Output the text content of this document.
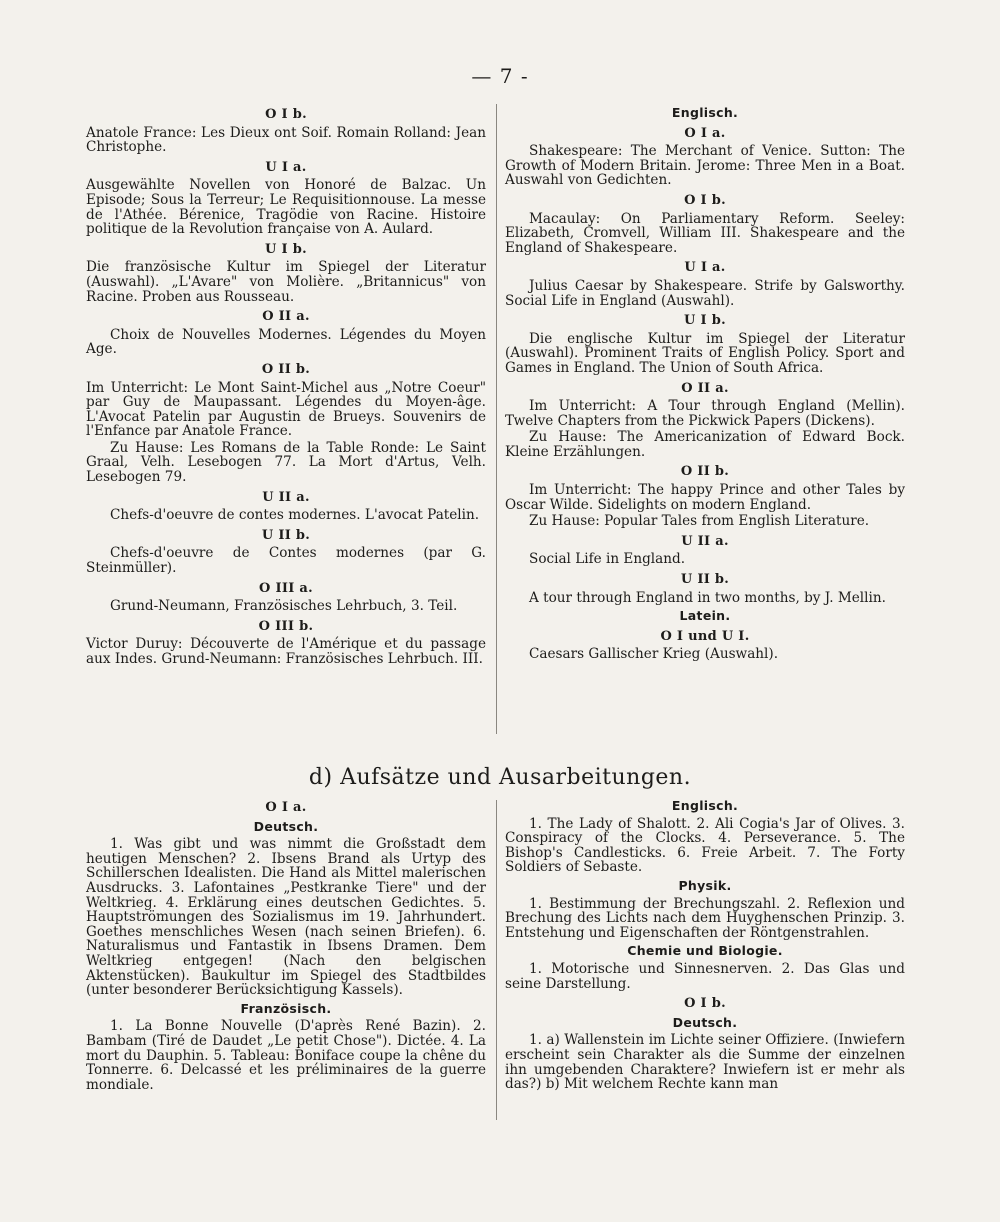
— 7 -
O I b.

Anatole France: Les Dieux ont Soif. Romain Rolland: Jean Christophe.

U I a.

Ausgewählte Novellen von Honoré de Balzac. Un Episode; Sous la Terreur; Le Requisitionnouse. La messe de l'Athée. Bérenice, Tragödie von Racine. Histoire politique de la Revolution française von A. Aulard.

U I b.

Die französische Kultur im Spiegel der Literatur (Auswahl). „L'Avare" von Molière. „Britannicus" von Racine. Proben aus Rousseau.

O II a.

Choix de Nouvelles Modernes. Légendes du Moyen Age.

O II b.

Im Unterricht: Le Mont Saint-Michel aus „Notre Coeur" par Guy de Maupassant. Légendes du Moyen-âge. L'Avocat Patelin par Augustin de Brueys. Souvenirs de l'Enfance par Anatole France.

Zu Hause: Les Romans de la Table Ronde: Le Saint Graal, Velh. Lesebogen 77. La Mort d'Artus, Velh. Lesebogen 79.

U II a.

Chefs-d'oeuvre de contes modernes. L'avocat Patelin.

U II b.

Chefs-d'oeuvre de Contes modernes (par G. Steinmüller).

O III a.

Grund-Neumann, Französisches Lehrbuch, 3. Teil.

O III b.

Victor Duruy: Découverte de l'Amérique et du passage aux Indes. Grund-Neumann: Französisches Lehrbuch. III.

Englisch.
O I a.

Shakespeare: The Merchant of Venice. Sutton: The Growth of Modern Britain. Jerome: Three Men in a Boat. Auswahl von Gedichten.

O I b.

Macaulay: On Parliamentary Reform. Seeley: Elizabeth, Cromvell, William III. Shakespeare and the England of Shakespeare.

U I a.

Julius Caesar by Shakespeare. Strife by Galsworthy. Social Life in England (Auswahl).

U I b.

Die englische Kultur im Spiegel der Literatur (Auswahl). Prominent Traits of English Policy. Sport and Games in England. The Union of South Africa.

O II a.

Im Unterricht: A Tour through England (Mellin). Twelve Chapters from the Pickwick Papers (Dickens).

Zu Hause: The Americanization of Edward Bock. Kleine Erzählungen.

O II b.

Im Unterricht: The happy Prince and other Tales by Oscar Wilde. Sidelights on modern England.

Zu Hause: Popular Tales from English Literature.

U II a.

Social Life in England.

U II b.

A tour through England in two months, by J. Mellin.

Latein.
O I und U I.

Caesars Gallischer Krieg (Auswahl).

d) Aufsätze und Ausarbeitungen.
O I a.
Deutsch.

1. Was gibt und was nimmt die Großstadt dem heutigen Menschen? 2. Ibsens Brand als Urtyp des Schillerschen Idealisten. Die Hand als Mittel malerischen Ausdrucks. 3. Lafontaines „Pestkranke Tiere" und der Weltkrieg. 4. Erklärung eines deutschen Gedichtes. 5. Hauptströmungen des Sozialismus im 19. Jahrhundert. Goethes menschliches Wesen (nach seinen Briefen). 6. Naturalismus und Fantastik in Ibsens Dramen. Dem Weltkrieg entgegen! (Nach den belgischen Aktenstücken). Baukultur im Spiegel des Stadtbildes (unter besonderer Berücksichtigung Kassels).

Französisch.

1. La Bonne Nouvelle (D'après René Bazin). 2. Bambam (Tiré de Daudet „Le petit Chose"). Dictée. 4. La mort du Dauphin. 5. Tableau: Boniface coupe la chêne du Tonnerre. 6. Delcassé et les préliminaires de la guerre mondiale.

Englisch.

1. The Lady of Shalott. 2. Ali Cogia's Jar of Olives. 3. Conspiracy of the Clocks. 4. Perseverance. 5. The Bishop's Candlesticks. 6. Freie Arbeit. 7. The Forty Soldiers of Sebaste.

Physik.

1. Bestimmung der Brechungszahl. 2. Reflexion und Brechung des Lichts nach dem Huyghenschen Prinzip. 3. Entstehung und Eigenschaften der Röntgenstrahlen.

Chemie und Biologie.

1. Motorische und Sinnesnerven. 2. Das Glas und seine Darstellung.

O I b.
Deutsch.

1. a) Wallenstein im Lichte seiner Offiziere. (Inwiefern erscheint sein Charakter als die Summe der einzelnen ihn umgebenden Charaktere? Inwiefern ist er mehr als das?) b) Mit welchem Rechte kann man
